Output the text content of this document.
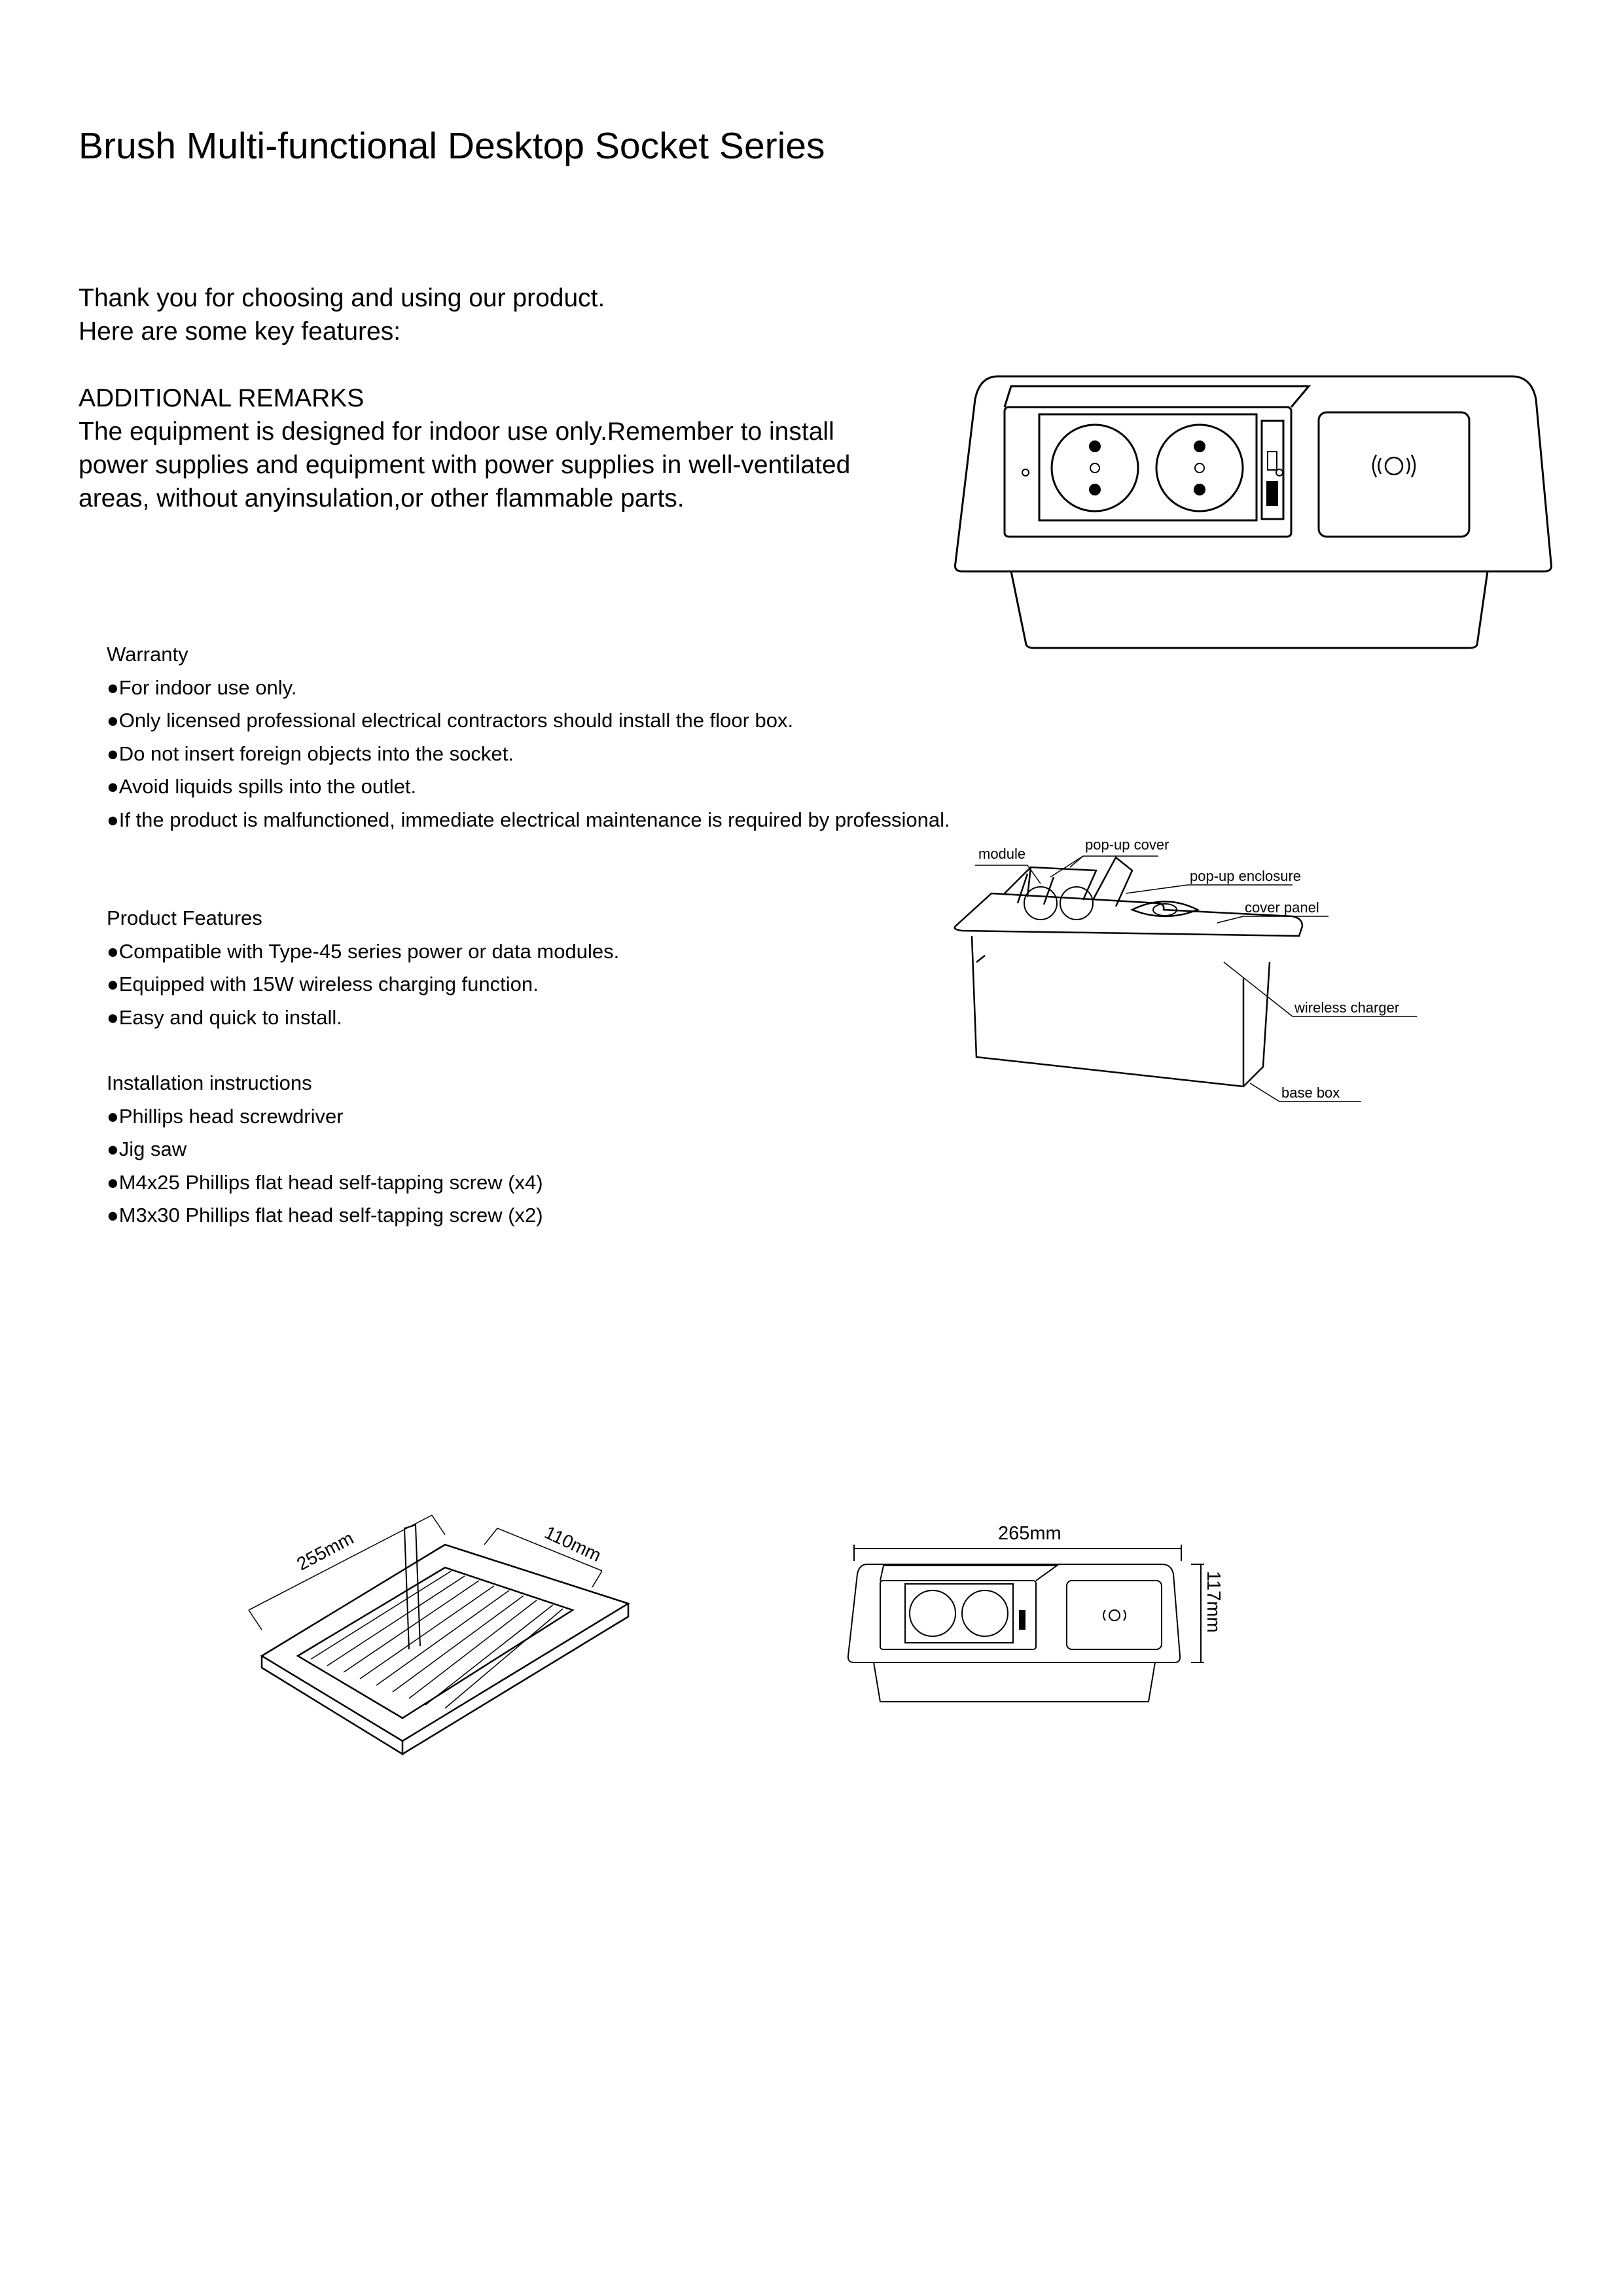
Brush Multi-functional Desktop Socket Series

Thank you for choosing and using our product.

Here are some key features:

ADDITIONAL REMARKS

The equipment is designed for indoor use only.Remember to install

power supplies and equipment with power supplies in well-ventilated

areas, without anyinsulation,or other flammable parts.

Warranty
●For indoor use only.
●Only licensed professional electrical contractors should install the floor box.
●Do not insert foreign objects into the socket.
●Avoid liquids spills into the outlet.
●If the product is malfunctioned, immediate electrical maintenance is required by professional.
Product Features
●Compatible with Type-45 series power or data modules.
●Equipped with 15W wireless charging function.
●Easy and quick to install.
Installation instructions
●Phillips head screwdriver
●Jig saw
●M4x25 Phillips flat head self-tapping screw (x4)
●M3x30 Phillips flat head self-tapping screw (x2)
module
pop-up cover
pop-up enclosure
cover panel
wireless charger
base box
255mm	110mm	265mm
117mm
